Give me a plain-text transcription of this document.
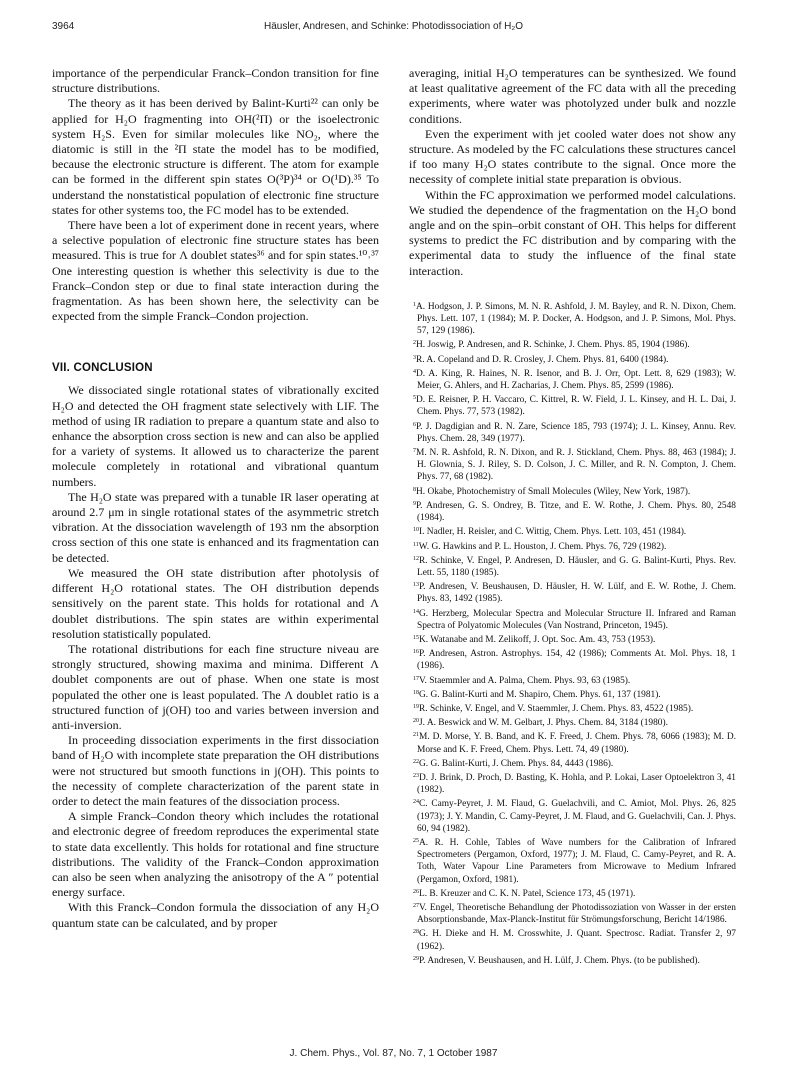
3964	Häusler, Andresen, and Schinke: Photodissociation of H₂O

importance of the perpendicular Franck–Condon transition for fine structure distributions.

The theory as it has been derived by Balint-Kurti²² can only be applied for H₂O fragmenting into OH(²Π) or the isoelectronic system H₂S. Even for similar molecules like NO₂, where the diatomic is still in the ²Π state the model has to be modified, because the electronic structure is different. The atom for example can be formed in the different spin states O(³P)³⁴ or O(¹D).³⁵ To understand the nonstatistical population of electronic fine structure states for other systems too, the FC model has to be extended.

There have been a lot of experiment done in recent years, where a selective population of electronic fine structure states has been measured. This is true for Λ doublet states³⁶ and for spin states.¹⁰˒³⁷ One interesting question is whether this selectivity is due to the Franck–Condon step or due to final state interaction during the fragmentation. As has been shown here, the selectivity can be expected from the simple Franck–Condon projection.

VII. CONCLUSION

We dissociated single rotational states of vibrationally excited H₂O and detected the OH fragment state selectively with LIF. The method of using IR radiation to prepare a quantum state and also to enhance the absorption cross section is new and can also be applied for a variety of systems. It allowed us to characterize the parent molecule completely in rotational and vibrational quantum numbers.

The H₂O state was prepared with a tunable IR laser operating at around 2.7 μm in single rotational states of the asymmetric stretch vibration. At the dissociation wavelength of 193 nm the absorption cross section of this one state is enhanced and its fragmentation can be detected.

We measured the OH state distribution after photolysis of different H₂O rotational states. The OH distribution depends sensitively on the parent state. This holds for rotational and Λ doublet distributions. The spin states are within experimental resolution statistically populated.

The rotational distributions for each fine structure niveau are strongly structured, showing maxima and minima. Different Λ doublet components are out of phase. When one state is most populated the other one is least populated. The Λ doublet ratio is a structured function of j(OH) too and varies between inversion and anti-inversion.

In proceeding dissociation experiments in the first dissociation band of H₂O with incomplete state preparation the OH distributions were not structured but smooth functions in j(OH). This points to the necessity of complete characterization of the parent state in order to detect the main features of the dissociation process.

A simple Franck–Condon theory which includes the rotational and electronic degree of freedom reproduces the experimental state to state data excellently. This holds for rotational and fine structure distributions. The validity of the Franck–Condon approximation can also be seen when analyzing the anisotropy of the A ″ potential energy surface.

With this Franck–Condon formula the dissociation of any H₂O quantum state can be calculated, and by proper

averaging, initial H₂O temperatures can be synthesized. We found at least qualitative agreement of the FC data with all the preceding experiments, where water was photolyzed under bulk and nozzle conditions.

Even the experiment with jet cooled water does not show any structure. As modeled by the FC calculations these structures cancel if too many H₂O states contribute to the signal. Once more the necessity of complete initial state preparation is obvious.

Within the FC approximation we performed model calculations. We studied the dependence of the fragmentation on the H₂O bond angle and on the spin–orbit constant of OH. This helps for different systems to predict the FC distribution and by comparing with the experimental data to study the influence of the final state interaction.

$^1$A. Hodgson, J. P. Simons, M. N. R. Ashfold, J. M. Bayley, and R. N. Dixon, Chem. Phys. Lett. 107, 1 (1984); M. P. Docker, A. Hodgson, and J. P. Simons, Mol. Phys. 57, 129 (1986).
$^2$H. Joswig, P. Andresen, and R. Schinke, J. Chem. Phys. 85, 1904 (1986).
$^3$R. A. Copeland and D. R. Crosley, J. Chem. Phys. 81, 6400 (1984).
$^4$D. A. King, R. Haines, N. R. Isenor, and B. J. Orr, Opt. Lett. 8, 629 (1983); W. Meier, G. Ahlers, and H. Zacharias, J. Chem. Phys. 85, 2599 (1986).
$^5$D. E. Reisner, P. H. Vaccaro, C. Kittrel, R. W. Field, J. L. Kinsey, and H. L. Dai, J. Chem. Phys. 77, 573 (1982).
$^6$P. J. Dagdigian and R. N. Zare, Science 185, 793 (1974); J. L. Kinsey, Annu. Rev. Phys. Chem. 28, 349 (1977).
$^7$M. N. R. Ashfold, R. N. Dixon, and R. J. Stickland, Chem. Phys. 88, 463 (1984); J. H. Glownia, S. J. Riley, S. D. Colson, J. C. Miller, and R. N. Compton, J. Chem. Phys. 77, 68 (1982).
$^8$H. Okabe, Photochemistry of Small Molecules (Wiley, New York, 1987).
$^9$P. Andresen, G. S. Ondrey, B. Titze, and E. W. Rothe, J. Chem. Phys. 80, 2548 (1984).
$^{10}$I. Nadler, H. Reisler, and C. Wittig, Chem. Phys. Lett. 103, 451 (1984).
$^{11}$W. G. Hawkins and P. L. Houston, J. Chem. Phys. 76, 729 (1982).
$^{12}$R. Schinke, V. Engel, P. Andresen, D. Häusler, and G. G. Balint-Kurti, Phys. Rev. Lett. 55, 1180 (1985).
$^{13}$P. Andresen, V. Beushausen, D. Häusler, H. W. Lülf, and E. W. Rothe, J. Chem. Phys. 83, 1492 (1985).
$^{14}$G. Herzberg, Molecular Spectra and Molecular Structure II. Infrared and Raman Spectra of Polyatomic Molecules (Van Nostrand, Princeton, 1945).
$^{15}$K. Watanabe and M. Zelikoff, J. Opt. Soc. Am. 43, 753 (1953).
$^{16}$P. Andresen, Astron. Astrophys. 154, 42 (1986); Comments At. Mol. Phys. 18, 1 (1986).
$^{17}$V. Staemmler and A. Palma, Chem. Phys. 93, 63 (1985).
$^{18}$G. G. Balint-Kurti and M. Shapiro, Chem. Phys. 61, 137 (1981).
$^{19}$R. Schinke, V. Engel, and V. Staemmler, J. Chem. Phys. 83, 4522 (1985).
$^{20}$J. A. Beswick and W. M. Gelbart, J. Phys. Chem. 84, 3184 (1980).
$^{21}$M. D. Morse, Y. B. Band, and K. F. Freed, J. Chem. Phys. 78, 6066 (1983); M. D. Morse and K. F. Freed, Chem. Phys. Lett. 74, 49 (1980).
$^{22}$G. G. Balint-Kurti, J. Chem. Phys. 84, 4443 (1986).
$^{23}$D. J. Brink, D. Proch, D. Basting, K. Hohla, and P. Lokai, Laser Optoelektron 3, 41 (1982).
$^{24}$C. Camy-Peyret, J. M. Flaud, G. Guelachvili, and C. Amiot, Mol. Phys. 26, 825 (1973); J. Y. Mandin, C. Camy-Peyret, J. M. Flaud, and G. Guelachvili, Can. J. Phys. 60, 94 (1982).
$^{25}$A. R. H. Cohle, Tables of Wave numbers for the Calibration of Infrared Spectrometers (Pergamon, Oxford, 1977); J. M. Flaud, C. Camy-Peyret, and R. A. Toth, Water Vapour Line Parameters from Microwave to Medium Infrared (Pergamon, Oxford, 1981).
$^{26}$L. B. Kreuzer and C. K. N. Patel, Science 173, 45 (1971).
$^{27}$V. Engel, Theoretische Behandlung der Photodissoziation von Wasser in der ersten Absorptionsbande, Max-Planck-Institut für Strömungsforschung, Bericht 14/1986.
$^{28}$G. H. Dieke and H. M. Crosswhite, J. Quant. Spectrosc. Radiat. Transfer 2, 97 (1962).
$^{29}$P. Andresen, V. Beushausen, and H. Lülf, J. Chem. Phys. (to be published).
J. Chem. Phys., Vol. 87, No. 7, 1 October 1987
